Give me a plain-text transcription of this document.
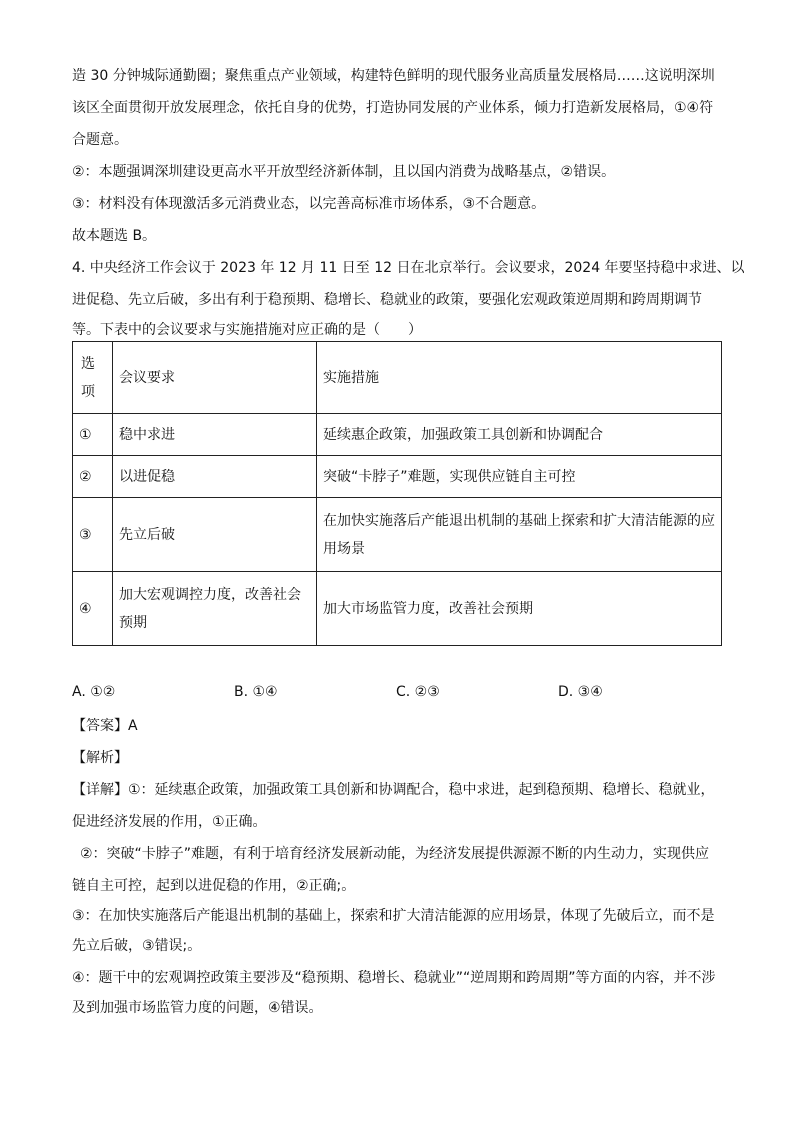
造 30 分钟城际通勤圈；聚焦重点产业领域，构建特色鲜明的现代服务业高质量发展格局……这说明深圳
该区全面贯彻开放发展理念，依托自身的优势，打造协同发展的产业体系，倾力打造新发展格局，①④符
合题意。
②：本题强调深圳建设更高水平开放型经济新体制，且以国内消费为战略基点，②错误。
③：材料没有体现激活多元消费业态，以完善高标准市场体系，③不合题意。
故本题选 B。
4. 中央经济工作会议于 2023 年 12 月 11 日至 12 日在北京举行。会议要求，2024 年要坚持稳中求进、以
进促稳、先立后破，多出有利于稳预期、稳增长、稳就业的政策，要强化宏观政策逆周期和跨周期调节
等。下表中的会议要求与实施措施对应正确的是（　　）
选项	会议要求	实施措施
①	稳中求进	延续惠企政策，加强政策工具创新和协调配合
②	以进促稳	突破“卡脖子”难题，实现供应链自主可控
③	先立后破	在加快实施落后产能退出机制的基础上探索和扩大清洁能源的应用场景
④	加大宏观调控力度，改善社会预期	加大市场监管力度，改善社会预期
A. ①②	B. ①④	C. ②③	D. ③④
【答案】A
【解析】
【详解】①：延续惠企政策，加强政策工具创新和协调配合，稳中求进，起到稳预期、稳增长、稳就业，
促进经济发展的作用，①正确。
②：突破“卡脖子”难题，有利于培育经济发展新动能，为经济发展提供源源不断的内生动力，实现供应
链自主可控，起到以进促稳的作用，②正确;。
③：在加快实施落后产能退出机制的基础上，探索和扩大清洁能源的应用场景，体现了先破后立，而不是
先立后破，③错误;。
④：题干中的宏观调控政策主要涉及“稳预期、稳增长、稳就业”“逆周期和跨周期”等方面的内容，并不涉
及到加强市场监管力度的问题，④错误。
